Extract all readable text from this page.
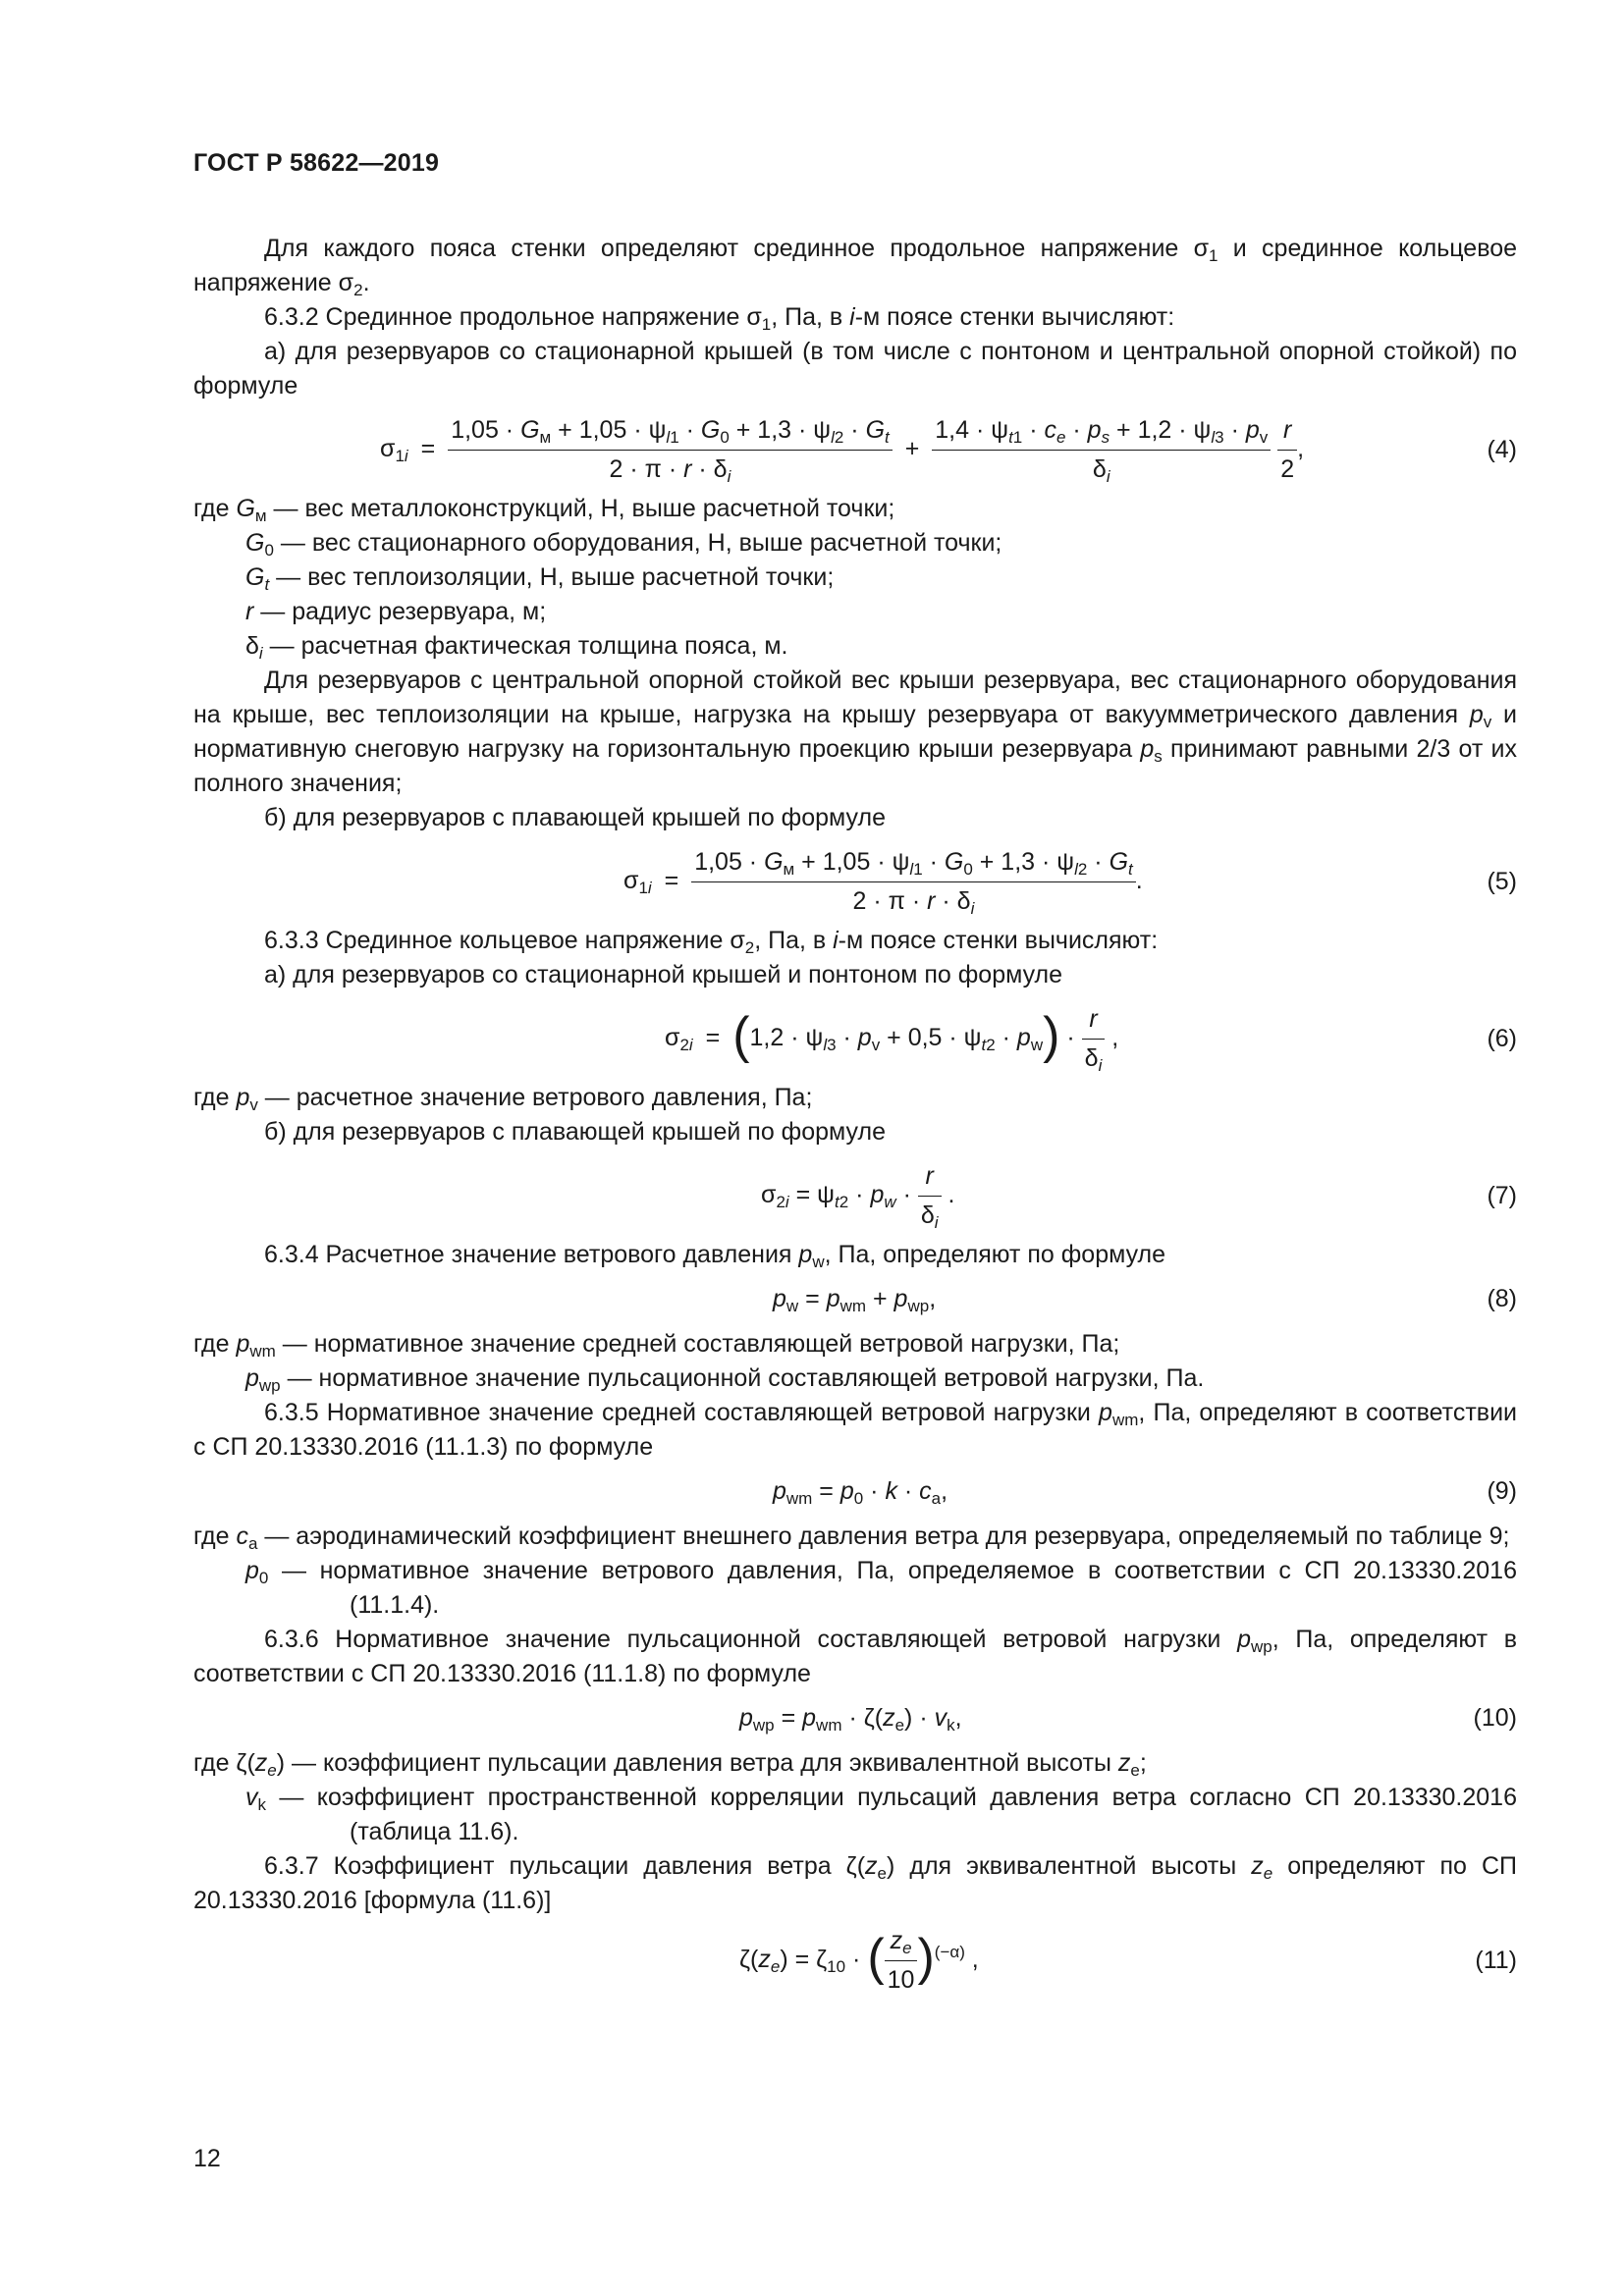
ГОСТ Р 58622—2019

Для каждого пояса стенки определяют срединное продольное напряжение $\sigma_1$ и срединное кольцевое напряжение $\sigma_2$.

6.3.2 Срединное продольное напряжение $\sigma_1$, Па, в i-м поясе стенки вычисляют:

а) для резервуаров со стационарной крышей (в том числе с понтоном и центральной опорной стойкой) по формуле

$\sigma_{1i} = \frac{1,05 \cdot G_м + 1,05 \cdot \psi_{l1} \cdot G_0 + 1,3 \cdot \psi_{l2} \cdot G_t}{2 \cdot \pi \cdot r \cdot \delta_i} + \frac{1,4 \cdot \psi_{t1} \cdot c_e \cdot p_s + 1,2 \cdot \psi_{l3} \cdot p_v}{\delta_i}$
$\frac{r}{2}$ ,	(4)

где $G_м$ — вес металлоконструкций, Н, выше расчетной точки;

$G_0$ — вес стационарного оборудования, Н, выше расчетной точки;

$G_t$ — вес теплоизоляции, Н, выше расчетной точки;

r — радиус резервуара, м;

$\delta_i$ — расчетная фактическая толщина пояса, м.

Для резервуаров с центральной опорной стойкой вес крыши резервуара, вес стационарного оборудования на крыше, вес теплоизоляции на крыше, нагрузка на крышу резервуара от вакуумметрического давления $p_v$ и нормативную снеговую нагрузку на горизонтальную проекцию крыши резервуара $p_s$ принимают равными 2/3 от их полного значения;

б) для резервуаров с плавающей крышей по формуле

$\sigma_{1i} = \frac{1,05 \cdot G_м + 1,05 \cdot \psi_{l1} \cdot G_0 + 1,3 \cdot \psi_{l2} \cdot G_t}{2 \cdot \pi \cdot r \cdot \delta_i}$ .	(5)

6.3.3 Срединное кольцевое напряжение $\sigma_2$, Па, в i-м поясе стенки вычисляют:

а) для резервуаров со стационарной крышей и понтоном по формуле

$\sigma_{2i} = (1,2 \cdot \psi_{l3} \cdot p_v + 0,5 \cdot \psi_{t2} \cdot p_w) \cdot \frac{r}{\delta_i}$ ,	(6)

где $p_v$ — расчетное значение ветрового давления, Па;

б) для резервуаров с плавающей крышей по формуле

$\sigma_{2i} = \psi_{t2} \cdot p_w \cdot \frac{r}{\delta_i}$ .	(7)

6.3.4 Расчетное значение ветрового давления $p_w$, Па, определяют по формуле

$p_w = p_{wm} + p_{wp}$,	(8)

где $p_{wm}$ — нормативное значение средней составляющей ветровой нагрузки, Па;

$p_{wp}$ — нормативное значение пульсационной составляющей ветровой нагрузки, Па.

6.3.5 Нормативное значение средней составляющей ветровой нагрузки $p_{wm}$, Па, определяют в соответствии с СП 20.13330.2016 (11.1.3) по формуле

$p_{wm} = p_0 \cdot k \cdot c_a$,	(9)

где $c_a$ — аэродинамический коэффициент внешнего давления ветра для резервуара, определяемый по таблице 9;

$p_0$ — нормативное значение ветрового давления, Па, определяемое в соответствии с СП 20.13330.2016 (11.1.4).

6.3.6 Нормативное значение пульсационной составляющей ветровой нагрузки $p_{wp}$, Па, определяют в соответствии с СП 20.13330.2016 (11.1.8) по формуле

$p_{wp} = p_{wm} \cdot \zeta(z_e) \cdot v_k$,	(10)

где $\zeta(z_e)$ — коэффициент пульсации давления ветра для эквивалентной высоты $z_e$;

$v_k$ — коэффициент пространственной корреляции пульсаций давления ветра согласно СП 20.13330.2016 (таблица 11.6).

6.3.7 Коэффициент пульсации давления ветра $\zeta(z_e)$ для эквивалентной высоты $z_e$ определяют по СП 20.13330.2016 [формула (11.6)]

$\zeta(z_e) = \zeta_{10}$ · ( $\frac{z_e}{10} )^{(-\alpha)}$ ,	(11)
12
